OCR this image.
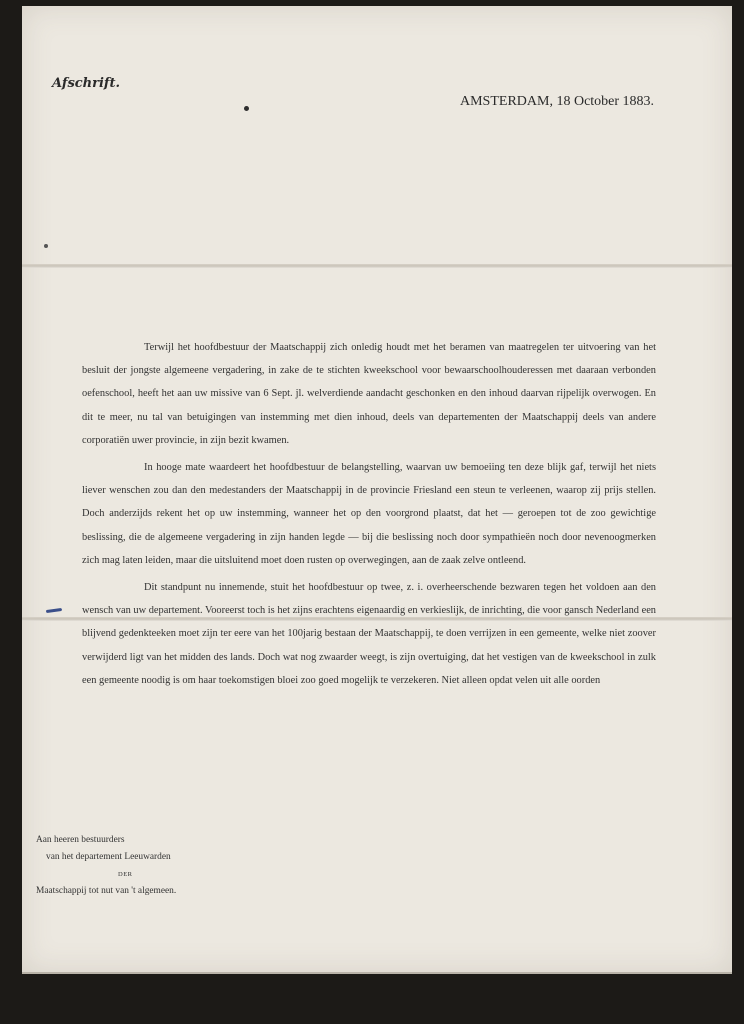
Afschrift.
AMSTERDAM, 18 October 1883.

Terwijl het hoofdbestuur der Maatschappij zich onledig houdt met het beramen van maatregelen ter uitvoering van het besluit der jongste algemeene vergadering, in zake de te stichten kweekschool voor bewaarschoolhouderessen met daaraan verbonden oefenschool, heeft het aan uw missive van 6 Sept. jl. welverdiende aandacht geschonken en den inhoud daarvan rijpelijk overwogen. En dit te meer, nu tal van betuigingen van instemming met dien inhoud, deels van departementen der Maatschappij deels van andere corporatiën uwer provincie, in zijn bezit kwamen.

In hooge mate waardeert het hoofdbestuur de belangstelling, waarvan uw bemoeiing ten deze blijk gaf, terwijl het niets liever wenschen zou dan den medestanders der Maatschappij in de provincie Friesland een steun te verleenen, waarop zij prijs stellen. Doch anderzijds rekent het op uw instemming, wanneer het op den voorgrond plaatst, dat het — geroepen tot de zoo gewichtige beslissing, die de algemeene vergadering in zijn handen legde — bij die beslissing noch door sympathieën noch door nevenoogmerken zich mag laten leiden, maar die uitsluitend moet doen rusten op overwegingen, aan de zaak zelve ontleend.

Dit standpunt nu innemende, stuit het hoofdbestuur op twee, z. i. overheerschende bezwaren tegen het voldoen aan den wensch van uw departement. Vooreerst toch is het zijns erachtens eigenaardig en verkieslijk, de inrichting, die voor gansch Nederland een blijvend gedenkteeken moet zijn ter eere van het 100jarig bestaan der Maatschappij, te doen verrijzen in een gemeente, welke niet zoover verwijderd ligt van het midden des lands. Doch wat nog zwaarder weegt, is zijn overtuiging, dat het vestigen van de kweekschool in zulk een gemeente noodig is om haar toekomstigen bloei zoo goed mogelijk te verzekeren. Niet alleen opdat velen uit alle oorden

Aan heeren bestuurders
van het departement Leeuwarden
DER
Maatschappij tot nut van 't algemeen.
